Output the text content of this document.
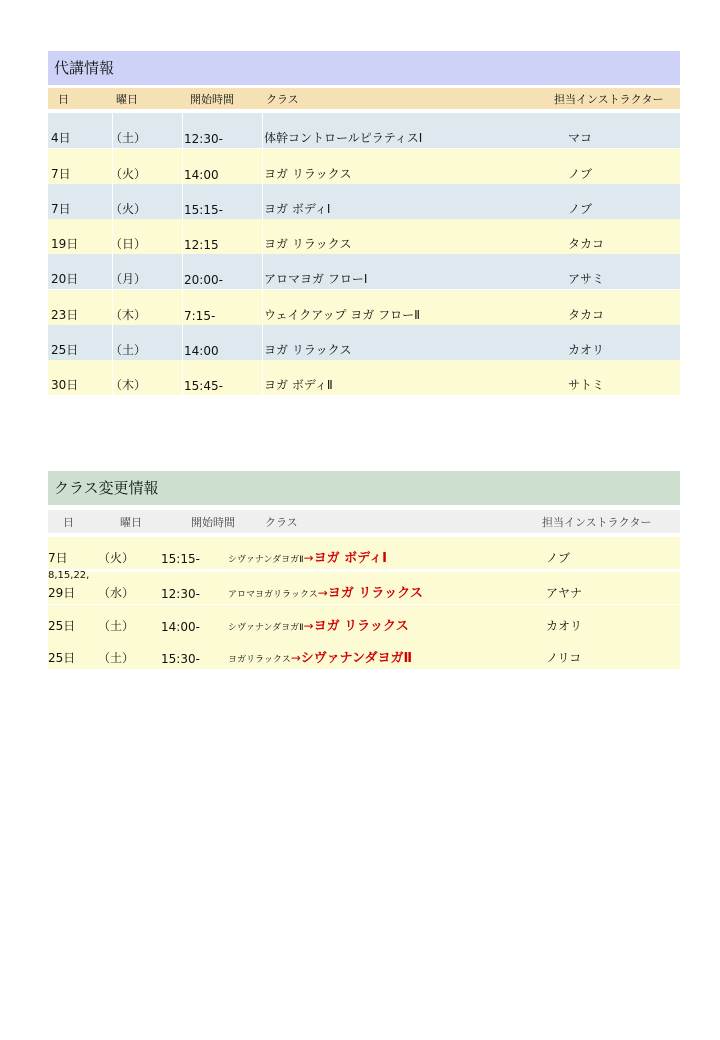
代講情報
日	曜日	開始時間	クラス	担当インストラクター
4日	（土）	12:30-	体幹コントロールピラティスⅠ	マコ
7日	（火）	14:00	ヨガ リラックス	ノブ
7日	（火）	15:15-	ヨガ ボディⅠ	ノブ
19日	（日）	12:15	ヨガ リラックス	タカコ
20日	（月）	20:00-	アロマヨガ フローⅠ	アサミ
23日	（木）	7:15-	ウェイクアップ ヨガ フローⅡ	タカコ
25日	（土）	14:00	ヨガ リラックス	カオリ
30日	（木）	15:45-	ヨガ ボディⅡ	サトミ
クラス変更情報
日	曜日	開始時間	クラス	担当インストラクター
7日	（火） 15:15-	シヴァナンダヨガⅡ→ヨガ ボディⅠ	ノブ
8,15,22,
29日 （水） 12:30-	アロマヨガリラックス→ヨガ リラックス	アヤナ
25日 （土） 14:00-	シヴァナンダヨガⅡ→ヨガ リラックス	カオリ
25日 （土） 15:30-	ヨガリラックス→シヴァナンダヨガⅡ	ノリコ
